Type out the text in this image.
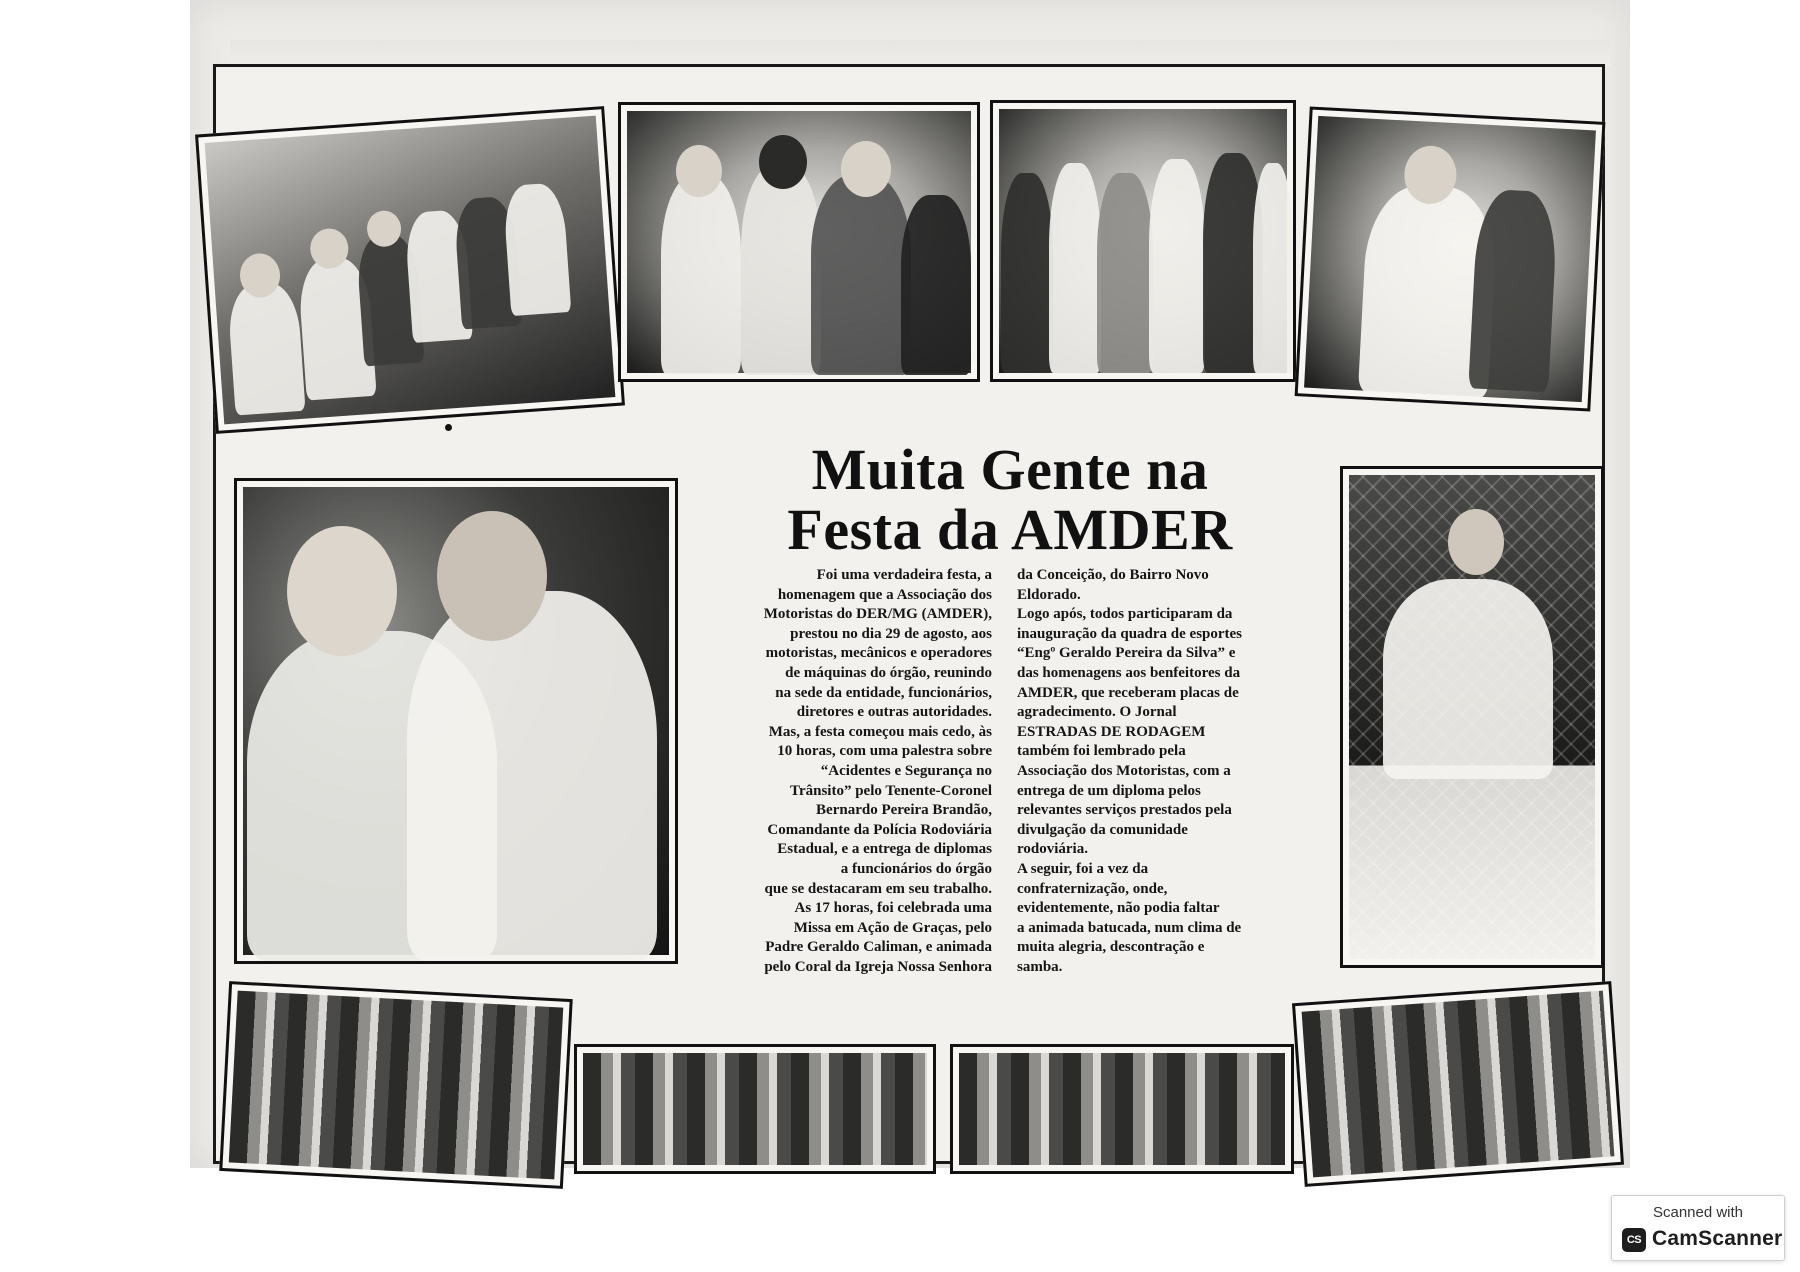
Muita Gente na
Festa da AMDER

Foi uma verdadeira festa, a

homenagem que a Associação dos

Motoristas do DER/MG (AMDER),

prestou no dia 29 de agosto, aos

motoristas, mecânicos e operadores

de máquinas do órgão, reunindo

na sede da entidade, funcionários,

diretores e outras autoridades.

Mas, a festa começou mais cedo, às

10 horas, com uma palestra sobre

“Acidentes e Segurança no

Trânsito” pelo Tenente-Coronel

Bernardo Pereira Brandão,

Comandante da Polícia Rodoviária

Estadual, e a entrega de diplomas

a funcionários do órgão

que se destacaram em seu trabalho.

As 17 horas, foi celebrada uma

Missa em Ação de Graças, pelo

Padre Geraldo Caliman, e animada

pelo Coral da Igreja Nossa Senhora

da Conceição, do Bairro Novo

Eldorado.

Logo após, todos participaram da

inauguração da quadra de esportes

“Engº Geraldo Pereira da Silva” e

das homenagens aos benfeitores da

AMDER, que receberam placas de

agradecimento. O Jornal

ESTRADAS DE RODAGEM

também foi lembrado pela

Associação dos Motoristas, com a

entrega de um diploma pelos

relevantes serviços prestados pela

divulgação da comunidade

rodoviária.

A seguir, foi a vez da

confraternização, onde,

evidentemente, não podia faltar

a animada batucada, num clima de

muita alegria, descontração e

samba.

Scanned with
CS CamScanner
